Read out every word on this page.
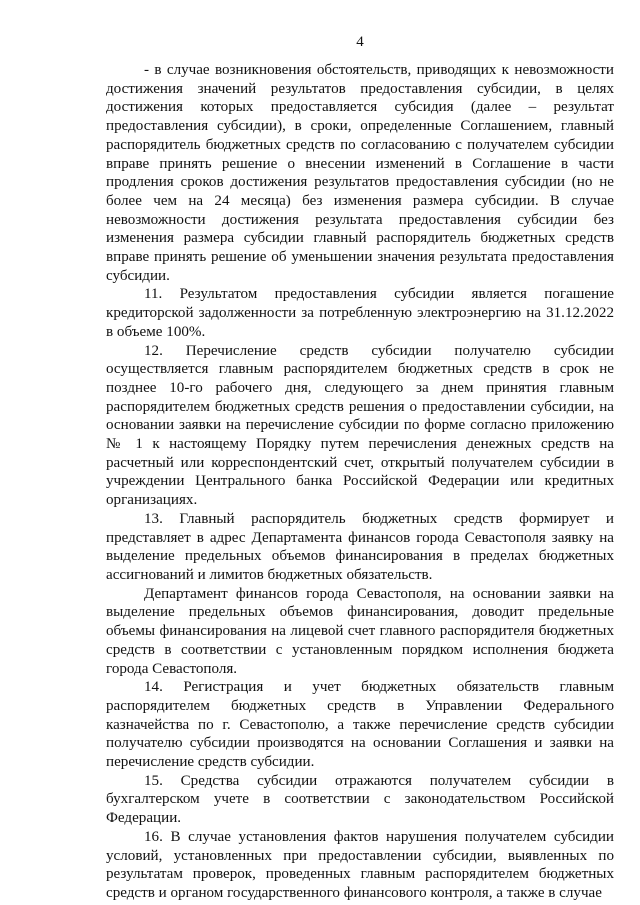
4

- в случае возникновения обстоятельств, приводящих к невозможности достижения значений результатов предоставления субсидии, в целях достижения которых предоставляется субсидия (далее – результат предоставления субсидии), в сроки, определенные Соглашением, главный распорядитель бюджетных средств по согласованию с получателем субсидии вправе принять решение о внесении изменений в Соглашение в части продления сроков достижения результатов предоставления субсидии (но не более чем на 24 месяца) без изменения размера субсидии. В случае невозможности достижения результата предоставления субсидии без изменения размера субсидии главный распорядитель бюджетных средств вправе принять решение об уменьшении значения результата предоставления субсидии.

11. Результатом предоставления субсидии является погашение кредиторской задолженности за потребленную электроэнергию на 31.12.2022 в объеме 100%.

12. Перечисление средств субсидии получателю субсидии осуществляется главным распорядителем бюджетных средств в срок не позднее 10-го рабочего дня, следующего за днем принятия главным распорядителем бюджетных средств решения о предоставлении субсидии, на основании заявки на перечисление субсидии по форме согласно приложению № 1 к настоящему Порядку путем перечисления денежных средств на расчетный или корреспондентский счет, открытый получателем субсидии в учреждении Центрального банка Российской Федерации или кредитных организациях.

13. Главный распорядитель бюджетных средств формирует и представляет в адрес Департамента финансов города Севастополя заявку на выделение предельных объемов финансирования в пределах бюджетных ассигнований и лимитов бюджетных обязательств.

Департамент финансов города Севастополя, на основании заявки на выделение предельных объемов финансирования, доводит предельные объемы финансирования на лицевой счет главного распорядителя бюджетных средств в соответствии с установленным порядком исполнения бюджета города Севастополя.

14. Регистрация и учет бюджетных обязательств главным распорядителем бюджетных средств в Управлении Федерального казначейства по г. Севастополю, а также перечисление средств субсидии получателю субсидии производятся на основании Соглашения и заявки на перечисление средств субсидии.

15. Средства субсидии отражаются получателем субсидии в бухгалтерском учете в соответствии с законодательством Российской Федерации.

16. В случае установления фактов нарушения получателем субсидии условий, установленных при предоставлении субсидии, выявленных по результатам проверок, проведенных главным распорядителем бюджетных средств и органом государственного финансового контроля, а также в случае
